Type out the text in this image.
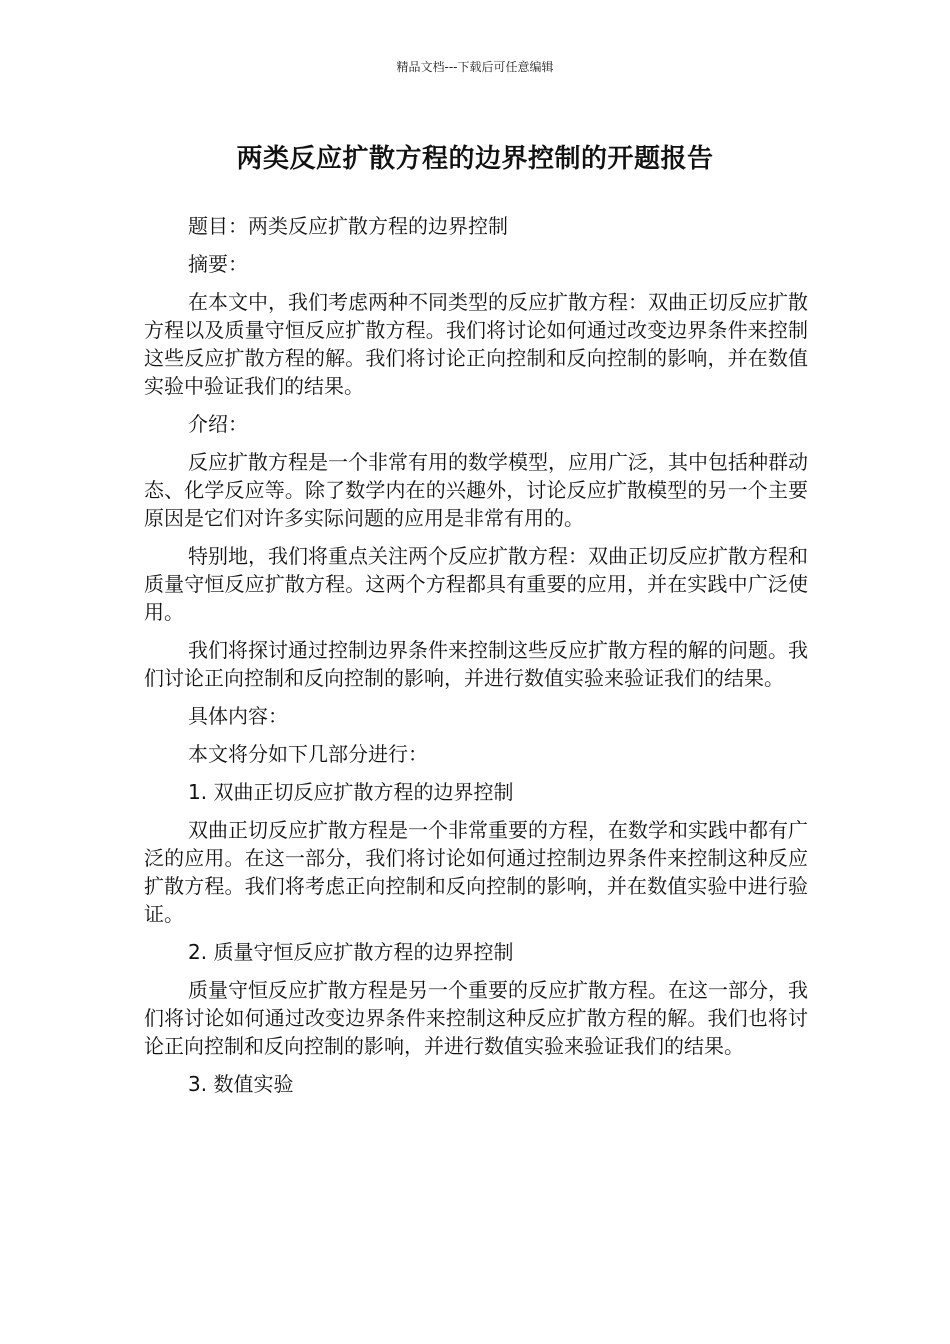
精品文档---下载后可任意编辑
两类反应扩散方程的边界控制的开题报告

题目：两类反应扩散方程的边界控制

摘要：

在本文中，我们考虑两种不同类型的反应扩散方程：双曲正切反应扩散方程以及质量守恒反应扩散方程。我们将讨论如何通过改变边界条件来控制这些反应扩散方程的解。我们将讨论正向控制和反向控制的影响，并在数值实验中验证我们的结果。

介绍：

反应扩散方程是一个非常有用的数学模型，应用广泛，其中包括种群动态、化学反应等。除了数学内在的兴趣外，讨论反应扩散模型的另一个主要原因是它们对许多实际问题的应用是非常有用的。

特别地，我们将重点关注两个反应扩散方程：双曲正切反应扩散方程和质量守恒反应扩散方程。这两个方程都具有重要的应用，并在实践中广泛使用。

我们将探讨通过控制边界条件来控制这些反应扩散方程的解的问题。我们讨论正向控制和反向控制的影响，并进行数值实验来验证我们的结果。

具体内容：

本文将分如下几部分进行：

1. 双曲正切反应扩散方程的边界控制

双曲正切反应扩散方程是一个非常重要的方程，在数学和实践中都有广泛的应用。在这一部分，我们将讨论如何通过控制边界条件来控制这种反应扩散方程。我们将考虑正向控制和反向控制的影响，并在数值实验中进行验证。

2. 质量守恒反应扩散方程的边界控制

质量守恒反应扩散方程是另一个重要的反应扩散方程。在这一部分，我们将讨论如何通过改变边界条件来控制这种反应扩散方程的解。我们也将讨论正向控制和反向控制的影响，并进行数值实验来验证我们的结果。

3. 数值实验
